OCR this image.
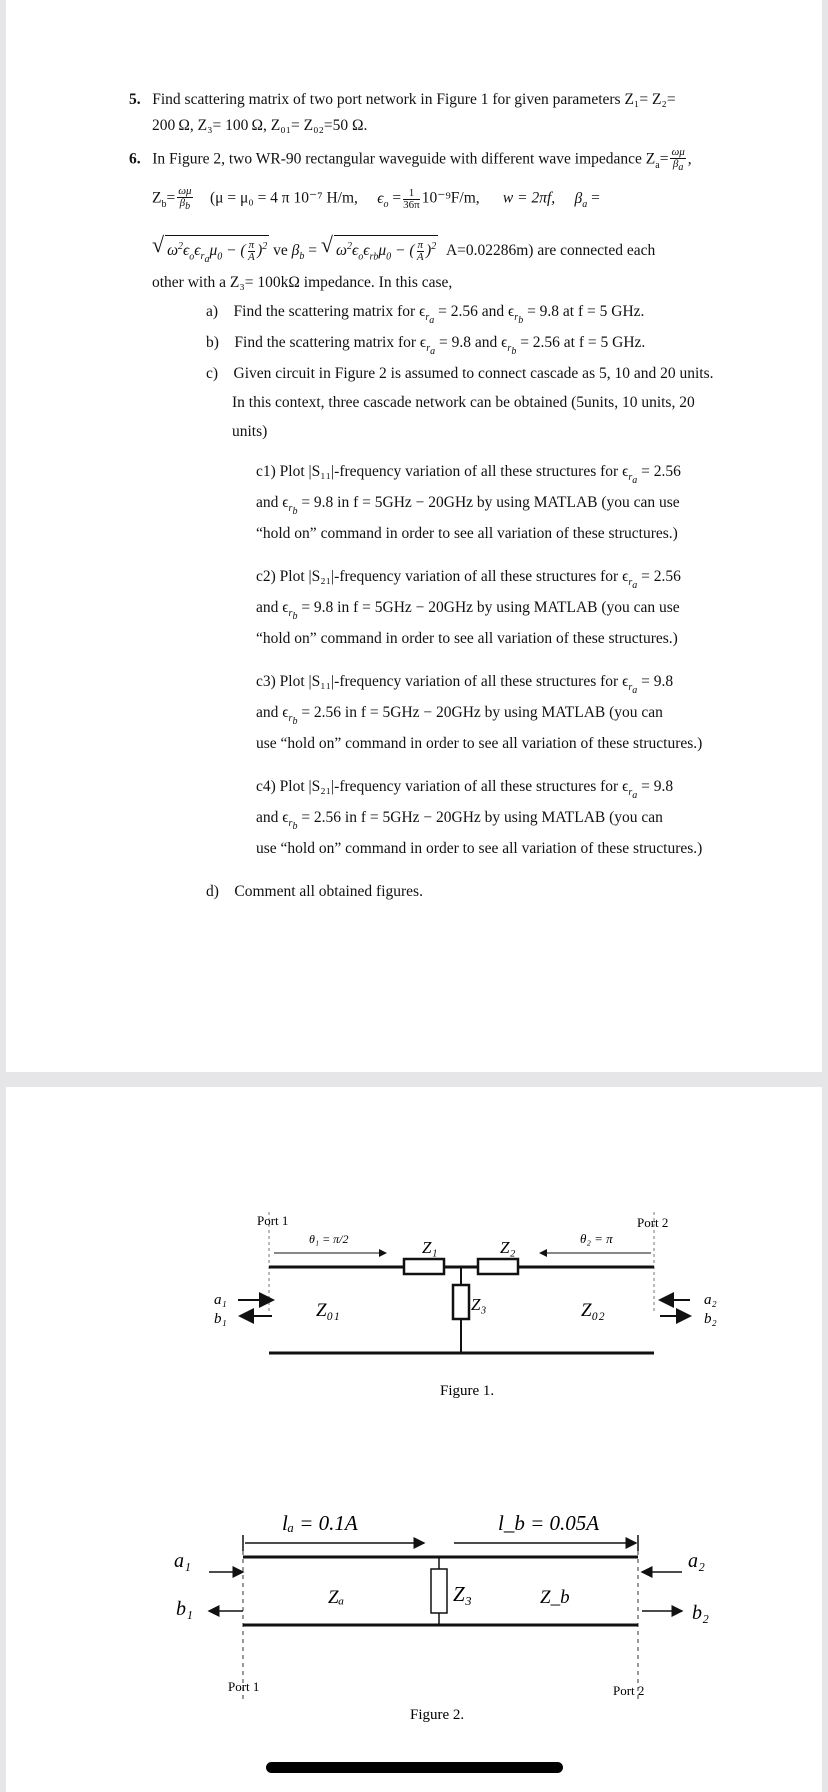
5. Find scattering matrix of two port network in Figure 1 for given parameters Z₁= Z₂=
200 Ω, Z₃= 100 Ω, Z₀₁= Z₀₂=50 Ω.
6. In Figure 2, two WR-90 rectangular waveguide with different wave impedance $Z_a= \frac{\omega\mu}{\beta_a}$ ,
$Z_b= \frac{\omega\mu}{\beta_b} (\mu = \mu_0 = 4$ π 10⁻⁷ H/m, $\epsilon_o = \frac{1}{36\pi} 10^{-9}F/m$, w = 2πf, $\beta_a$ =
√ $\omega^2\epsilon_o\epsilon_{r_a}\mu_0$ − ( $\frac{\pi}{A} )^2$ ve $\beta_b$ = √ $\omega^2\epsilon_o\epsilon_{rb}\mu_0$ − ( $\frac{\pi}{A} )^2$ A=0.02286m) are connected each
other with a Z₃= 100kΩ impedance. In this case,
a) Find the scattering matrix for $\epsilon_{r_a} = 2.56$ and $\epsilon_{r_b} = 9.8$ at f = 5 GHz.
b) Find the scattering matrix for $\epsilon_{r_a} = 9.8$ and $\epsilon_{r_b} = 2.56$ at f = 5 GHz.
c) Given circuit in Figure 2 is assumed to connect cascade as 5, 10 and 20 units.
In this context, three cascade network can be obtained (5units, 10 units, 20
units)
c1) Plot |S₁₁|-frequency variation of all these structures for $\epsilon_{r_a} = 2.56$
and $\epsilon_{r_b} = 9.8$ in f = 5GHz − 20GHz by using MATLAB (you can use
“hold on” command in order to see all variation of these structures.)
c2) Plot |S₂₁|-frequency variation of all these structures for $\epsilon_{r_a} = 2.56$
and $\epsilon_{r_b} = 9.8$ in f = 5GHz − 20GHz by using MATLAB (you can use
“hold on” command in order to see all variation of these structures.)
c3) Plot |S₁₁|-frequency variation of all these structures for $\epsilon_{r_a} = 9.8$
and $\epsilon_{r_b} = 2.56$ in f = 5GHz − 20GHz by using MATLAB (you can
use “hold on” command in order to see all variation of these structures.)
c4) Plot |S₂₁|-frequency variation of all these structures for $\epsilon_{r_a} = 9.8$
and $\epsilon_{r_b} = 2.56$ in f = 5GHz − 20GHz by using MATLAB (you can
use “hold on” command in order to see all variation of these structures.)
d) Comment all obtained figures.
Port 1	Port 2
θ₁ = π/2	θ₂ = π
Z₁	Z₂
Z₃
Z₀₁	Z₀₂
a₁
b₁
a₂
b₂
Figure 1.
lₐ = 0.1A	l_b = 0.05A
Z₃
Zₐ	Z_b
a₁
b₁
a₂
b₂
Port 1	Port 2
Figure 2.
